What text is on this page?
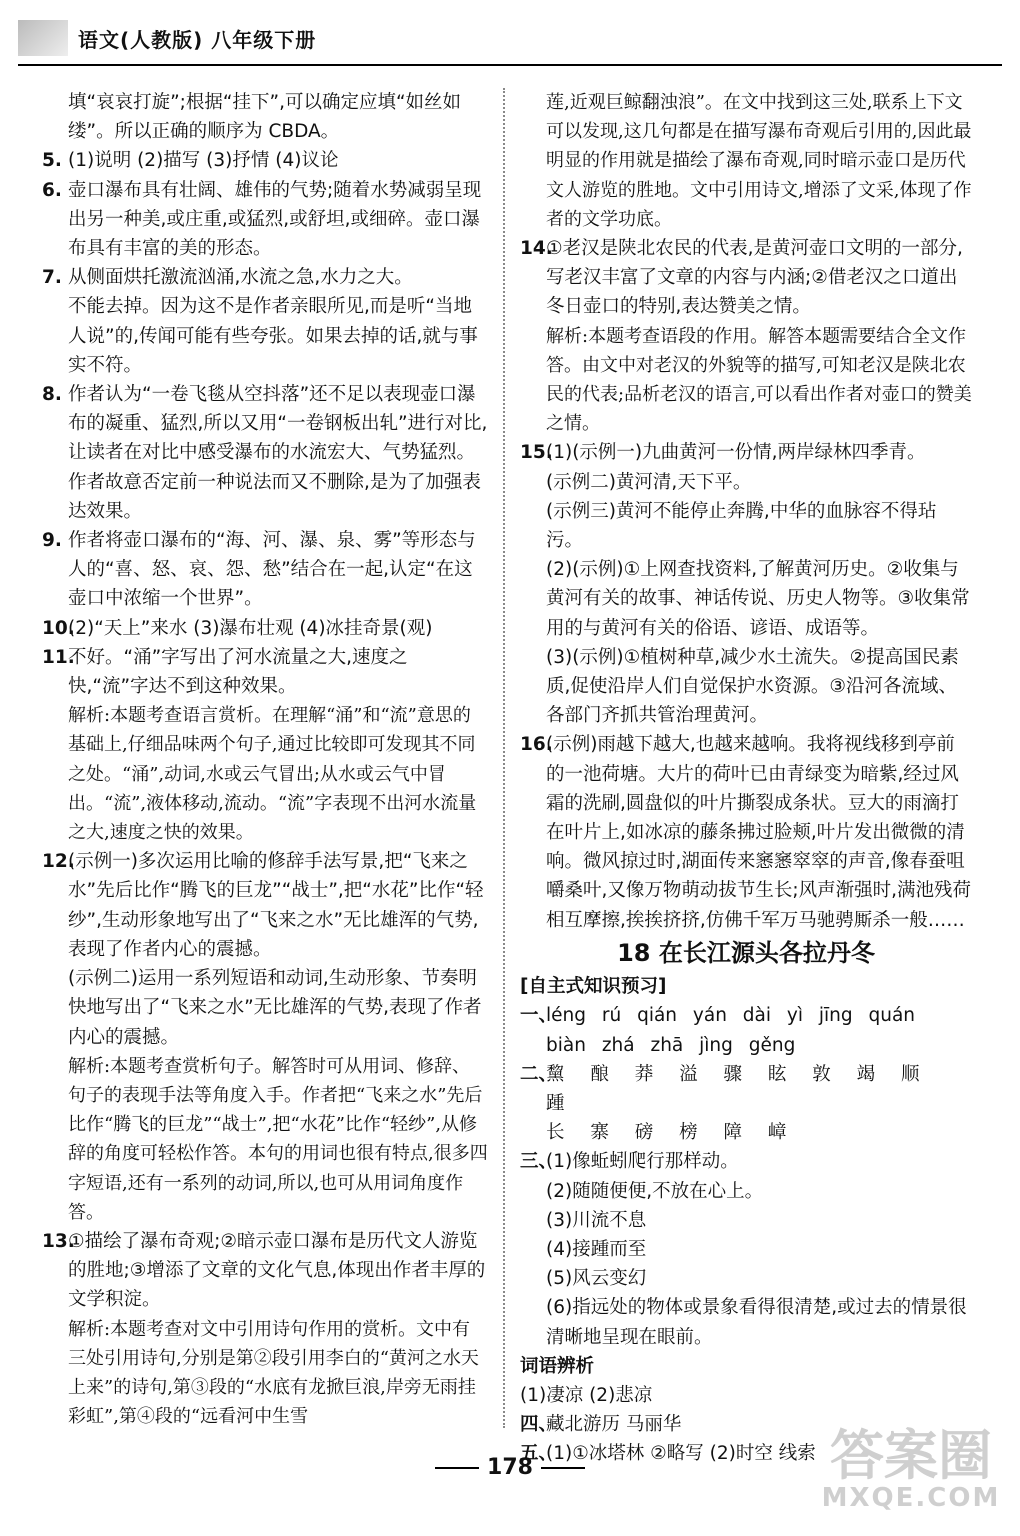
语文(人教版) 八年级下册
填“哀哀打旋”;根据“挂下”,可以确定应填“如丝如
缕”。所以正确的顺序为 CBDA。
5. (1)说明 (2)描写 (3)抒情 (4)议论
6. 壶口瀑布具有壮阔、雄伟的气势;随着水势减弱呈现出另一种美,或庄重,或猛烈,或舒坦,或细碎。壶口瀑布具有丰富的美的形态。
7. 从侧面烘托激流汹涌,水流之急,水力之大。
不能去掉。因为这不是作者亲眼所见,而是听“当地人说”的,传闻可能有些夸张。如果去掉的话,就与事实不符。
8. 作者认为“一卷飞毯从空抖落”还不足以表现壶口瀑布的凝重、猛烈,所以又用“一卷钢板出轧”进行对比,让读者在对比中感受瀑布的水流宏大、气势猛烈。作者故意否定前一种说法而又不删除,是为了加强表达效果。
9. 作者将壶口瀑布的“海、河、瀑、泉、雾”等形态与人的“喜、怒、哀、怨、愁”结合在一起,认定“在这壶口中浓缩一个世界”。
10.(2)“天上”来水 (3)瀑布壮观 (4)冰挂奇景(观)
11.不好。“涌”字写出了河水流量之大,速度之快,“流”字达不到这种效果。
解析:本题考查语言赏析。在理解“涌”和“流”意思的基础上,仔细品味两个句子,通过比较即可发现其不同之处。“涌”,动词,水或云气冒出;从水或云气中冒出。“流”,液体移动,流动。“流”字表现不出河水流量之大,速度之快的效果。
12.(示例一)多次运用比喻的修辞手法写景,把“飞来之水”先后比作“腾飞的巨龙”“战士”,把“水花”比作“轻纱”,生动形象地写出了“飞来之水”无比雄浑的气势,表现了作者内心的震撼。
(示例二)运用一系列短语和动词,生动形象、节奏明快地写出了“飞来之水”无比雄浑的气势,表现了作者内心的震撼。
解析:本题考查赏析句子。解答时可从用词、修辞、句子的表现手法等角度入手。作者把“飞来之水”先后比作“腾飞的巨龙”“战士”,把“水花”比作“轻纱”,从修辞的角度可轻松作答。本句的用词也很有特点,很多四字短语,还有一系列的动词,所以,也可从用词角度作答。
13.①描绘了瀑布奇观;②暗示壶口瀑布是历代文人游览的胜地;③增添了文章的文化气息,体现出作者丰厚的文学积淀。
解析:本题考查对文中引用诗句作用的赏析。文中有三处引用诗句,分别是第②段引用李白的“黄河之水天上来”的诗句,第③段的“水底有龙掀巨浪,岸旁无雨挂彩虹”,第④段的“远看河中生雪
莲,近观巨鲸翻浊浪”。在文中找到这三处,联系上下文可以发现,这几句都是在描写瀑布奇观后引用的,因此最明显的作用就是描绘了瀑布奇观,同时暗示壶口是历代文人游览的胜地。文中引用诗文,增添了文采,体现了作者的文学功底。
14.①老汉是陕北农民的代表,是黄河壶口文明的一部分,写老汉丰富了文章的内容与内涵;②借老汉之口道出冬日壶口的特别,表达赞美之情。
解析:本题考查语段的作用。解答本题需要结合全文作答。由文中对老汉的外貌等的描写,可知老汉是陕北农民的代表;品析老汉的语言,可以看出作者对壶口的赞美之情。
15.(1)(示例一)九曲黄河一份情,两岸绿林四季青。
(示例二)黄河清,天下平。
(示例三)黄河不能停止奔腾,中华的血脉容不得玷污。
(2)(示例)①上网查找资料,了解黄河历史。②收集与黄河有关的故事、神话传说、历史人物等。③收集常用的与黄河有关的俗语、谚语、成语等。
(3)(示例)①植树种草,减少水土流失。②提高国民素质,促使沿岸人们自觉保护水资源。③沿河各流域、各部门齐抓共管治理黄河。
16.(示例)雨越下越大,也越来越响。我将视线移到亭前的一池荷塘。大片的荷叶已由青绿变为暗紫,经过风霜的洗刷,圆盘似的叶片撕裂成条状。豆大的雨滴打在叶片上,如冰凉的藤条拂过脸颊,叶片发出微微的清响。微风掠过时,湖面传来窸窸窣窣的声音,像春蚕咀嚼桑叶,又像万物萌动拔节生长;风声渐强时,满池残荷相互摩擦,挨挨挤挤,仿佛千军万马驰骋厮杀一般……
18 在长江源头各拉丹冬
[自主式知识预习]
一、léng rú qián yán dài yì jīng quán
biàn zhá zhā jìng gěng
二、黧 酿 莽 溢 骤 眩 敦 竭 顺 踵
长 寨 磅 榜 障 嶂
三、(1)像蚯蚓爬行那样动。
(2)随随便便,不放在心上。
(3)川流不息
(4)接踵而至
(5)风云变幻
(6)指远处的物体或景象看得很清楚,或过去的情景很清晰地呈现在眼前。
词语辨析
(1)凄凉 (2)悲凉
四、藏北游历 马丽华
五、(1)①冰塔林 ②略写 (2)时空 线索
178	答案圈
MXQE.COM
